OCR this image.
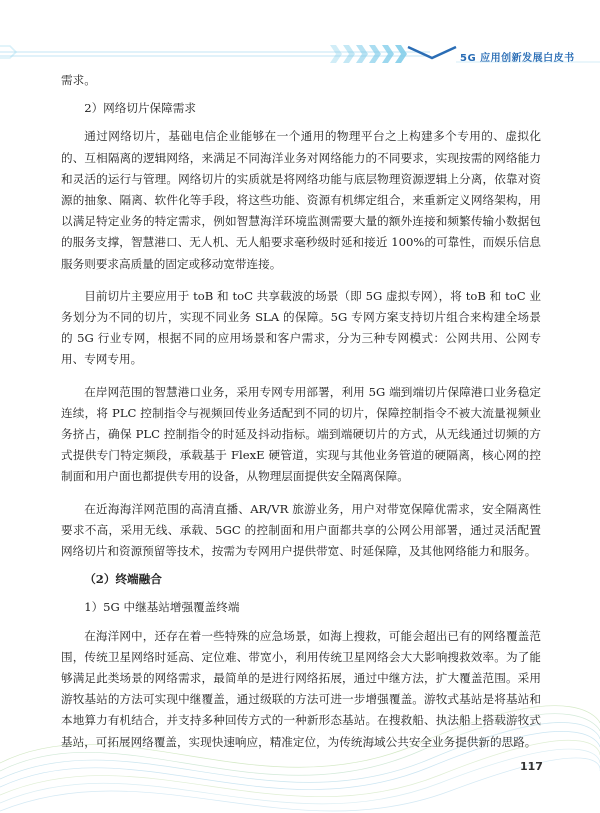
5G 应用创新发展白皮书

需求。

2）网络切片保障需求

通过网络切片，基础电信企业能够在一个通用的物理平台之上构建多个专用的、虚拟化的、互相隔离的逻辑网络，来满足不同海洋业务对网络能力的不同要求，实现按需的网络能力和灵活的运行与管理。网络切片的实质就是将网络功能与底层物理资源逻辑上分离，依靠对资源的抽象、隔离、软件化等手段，将这些功能、资源有机绑定组合，来重新定义网络架构，用以满足特定业务的特定需求，例如智慧海洋环境监测需要大量的额外连接和频繁传输小数据包的服务支撑，智慧港口、无人机、无人船要求毫秒级时延和接近 100%的可靠性，而娱乐信息服务则要求高质量的固定或移动宽带连接。

目前切片主要应用于 toB 和 toC 共享载波的场景（即 5G 虚拟专网），将 toB 和 toC 业务划分为不同的切片，实现不同业务 SLA 的保障。5G 专网方案支持切片组合来构建全场景的 5G 行业专网，根据不同的应用场景和客户需求，分为三种专网模式：公网共用、公网专用、专网专用。

在岸网范围的智慧港口业务，采用专网专用部署，利用 5G 端到端切片保障港口业务稳定连续，将 PLC 控制指令与视频回传业务适配到不同的切片，保障控制指令不被大流量视频业务挤占，确保 PLC 控制指令的时延及抖动指标。端到端硬切片的方式，从无线通过切频的方式提供专门特定频段，承载基于 FlexE 硬管道，实现与其他业务管道的硬隔离，核心网的控制面和用户面也都提供专用的设备，从物理层面提供安全隔离保障。

在近海海洋网范围的高清直播、AR/VR 旅游业务，用户对带宽保障优需求，安全隔离性要求不高，采用无线、承载、5GC 的控制面和用户面都共享的公网公用部署，通过灵活配置网络切片和资源预留等技术，按需为专网用户提供带宽、时延保障，及其他网络能力和服务。

（2）终端融合

1）5G 中继基站增强覆盖终端

在海洋网中，还存在着一些特殊的应急场景，如海上搜救，可能会超出已有的网络覆盖范围，传统卫星网络时延高、定位难、带宽小，利用传统卫星网络会大大影响搜救效率。为了能够满足此类场景的网络需求，最简单的是进行网络拓展，通过中继方法，扩大覆盖范围。采用游牧基站的方法可实现中继覆盖，通过级联的方法可进一步增强覆盖。游牧式基站是将基站和本地算力有机结合，并支持多种回传方式的一种新形态基站。在搜救船、执法船上搭载游牧式基站，可拓展网络覆盖，实现快速响应，精准定位，为传统海域公共安全业务提供新的思路。

117
